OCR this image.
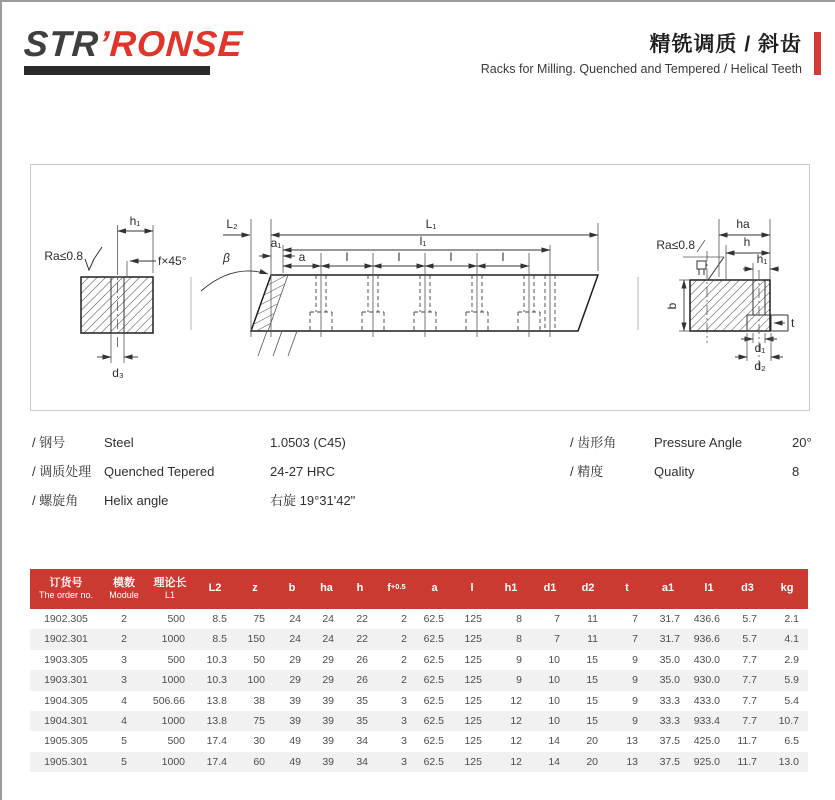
STR’RONSE	精铣调质 / 斜齿
Racks for Milling. Quenched and Tempered / Helical Teeth
h₁
Ra≤0.8	f×45°
d₃
L₂	L₁
l₁
a₁
a	l	l	l	l
β
Ra≤0.8
ha
h
h₁
b
t
d₁
d₂
/ 钢号	Steel	1.0503 (C45)
/ 调质处理 Quenched Tepered	24-27 HRC
/ 螺旋角 Helix angle	右旋 19°31'42"
/ 齿形角	Pressure Angle	20°
/ 精度	Quality	8
订货号
The order no.
模数
Module
理论长
L1
L2	z	b	ha	h	f +0.5	a	l	h1	d1	d2	t	a1	l1	d3	kg
1902.305	2	500	8.5	75	24	24	22	2	62.5	125	8	7	11	7	31.7	436.6	5.7	2.1
1902.301	2	1000	8.5	150	24	24	22	2	62.5	125	8	7	11	7	31.7	936.6	5.7	4.1
1903.305	3	500	10.3	50	29	29	26	2	62.5	125	9	10	15	9	35.0	430.0	7.7	2.9
1903.301	3	1000	10.3	100	29	29	26	2	62.5	125	9	10	15	9	35.0	930.0	7.7	5.9
1904.305	4	506.66	13.8	38	39	39	35	3	62.5	125	12	10	15	9	33.3	433.0	7.7	5.4
1904.301	4	1000	13.8	75	39	39	35	3	62.5	125	12	10	15	9	33.3	933.4	7.7	10.7
1905.305	5	500	17.4	30	49	39	34	3	62.5	125	12	14	20	13	37.5	425.0	11.7	6.5
1905.301	5	1000	17.4	60	49	39	34	3	62.5	125	12	14	20	13	37.5	925.0	11.7	13.0
